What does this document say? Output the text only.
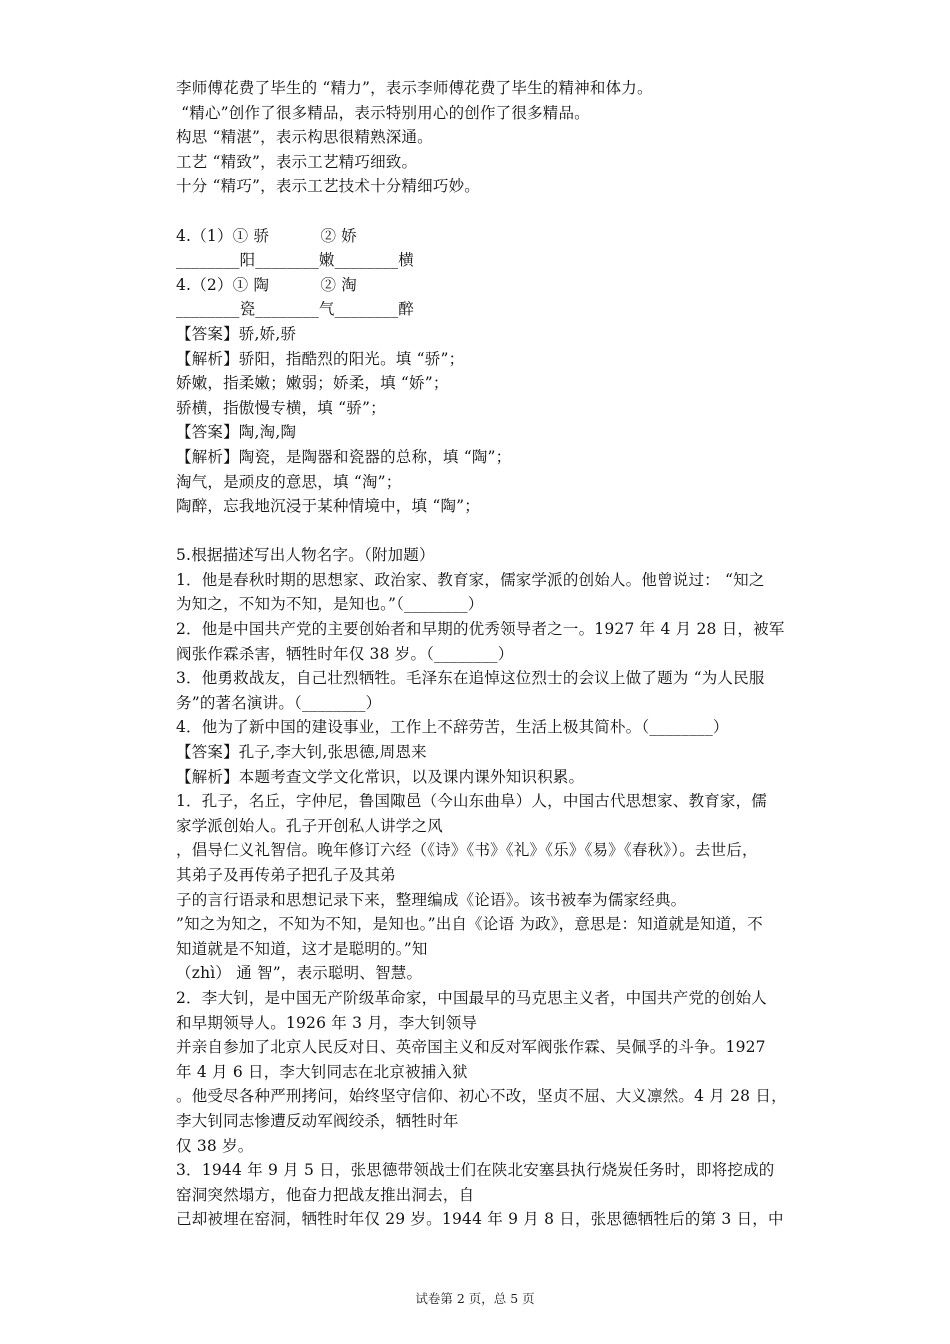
李师傅花费了毕生的 “精力”，表示李师傅花费了毕生的精神和体力。
“精心”创作了很多精品，表示特别用心的创作了很多精品。
构思 “精湛”，表示构思很精熟深通。
工艺 “精致”，表示工艺精巧细致。
十分 “精巧”，表示工艺技术十分精细巧妙。
4.（1）① 骄          ② 娇
________阳________嫩________横
4.（2）① 陶          ② 淘
________瓷________气________醉
【答案】骄,娇,骄
【解析】骄阳，指酷烈的阳光。填 “骄”；
娇嫩，指柔嫩；嫩弱；娇柔，填 “娇”；
骄横，指傲慢专横，填 “骄”；
【答案】陶,淘,陶
【解析】陶瓷，是陶器和瓷器的总称，填 “陶”；
淘气，是顽皮的意思，填 “淘”；
陶醉，忘我地沉浸于某种情境中，填 “陶”；
5.根据描述写出人物名字。（附加题）
1．他是春秋时期的思想家、政治家、教育家，儒家学派的创始人。他曾说过： “知之
为知之，不知为不知，是知也。”（________）
2．他是中国共产党的主要创始者和早期的优秀领导者之一。1927 年 4 月 28 日，被军
阀张作霖杀害，牺牲时年仅 38 岁。（________）
3．他勇救战友，自己壮烈牺牲。毛泽东在追悼这位烈士的会议上做了题为 “为人民服
务”的著名演讲。（________）
4．他为了新中国的建设事业，工作上不辞劳苦，生活上极其简朴。（________）
【答案】孔子,李大钊,张思德,周恩来
【解析】本题考查文学文化常识，以及课内课外知识积累。
1．孔子，名丘，字仲尼，鲁国陬邑（今山东曲阜）人，中国古代思想家、教育家，儒
家学派创始人。孔子开创私人讲学之风
，倡导仁义礼智信。晚年修订六经（《诗》《书》《礼》《乐》《易》《春秋》）。去世后，
其弟子及再传弟子把孔子及其弟
子的言行语录和思想记录下来，整理编成《论语》。该书被奉为儒家经典。
”知之为知之，不知为不知，是知也。”出自《论语 为政》，意思是：知道就是知道，不
知道就是不知道，这才是聪明的。”知
（zhì） 通 智”，表示聪明、智慧。
2．李大钊，是中国无产阶级革命家，中国最早的马克思主义者，中国共产党的创始人
和早期领导人。1926 年 3 月，李大钊领导
并亲自参加了北京人民反对日、英帝国主义和反对军阀张作霖、吴佩孚的斗争。1927
年 4 月 6 日，李大钊同志在北京被捕入狱
。他受尽各种严刑拷问，始终坚守信仰、初心不改，坚贞不屈、大义凛然。4 月 28 日，
李大钊同志惨遭反动军阀绞杀，牺牲时年
仅 38 岁。
3．1944 年 9 月 5 日，张思德带领战士们在陕北安塞县执行烧炭任务时，即将挖成的
窑洞突然塌方，他奋力把战友推出洞去，自
己却被埋在窑洞，牺牲时年仅 29 岁。1944 年 9 月 8 日，张思德牺牲后的第 3 日，中
试卷第 2 页，总 5 页
